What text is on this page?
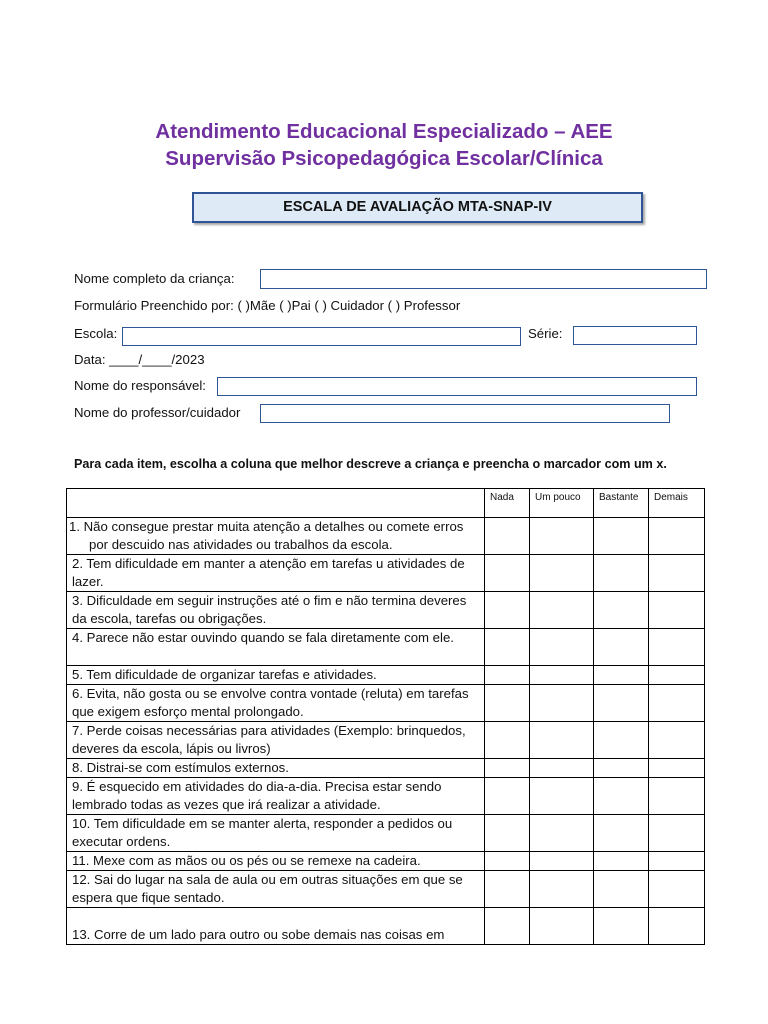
Atendimento Educacional Especializado – AEE
Supervisão Psicopedagógica Escolar/Clínica
ESCALA DE AVALIAÇÃO MTA-SNAP-IV
Nome completo da criança:
Formulário Preenchido por: ( )Mãe ( )Pai ( ) Cuidador ( ) Professor
Escola:	Série:
Data: ____/____/2023
Nome do responsável:
Nome do professor/cuidador
Para cada item, escolha a coluna que melhor descreve a criança e preencha o marcador com um x.
	Nada	Um pouco	Bastante	Demais
1. Não consegue prestar muita atenção a detalhes ou comete erros por descuido nas atividades ou trabalhos da escola.				
2. Tem dificuldade em manter a atenção em tarefas u atividades de lazer.				
3. Dificuldade em seguir instruções até o fim e não termina deveres da escola, tarefas ou obrigações.				
4. Parece não estar ouvindo quando se fala diretamente com ele.				
5. Tem dificuldade de organizar tarefas e atividades.				
6. Evita, não gosta ou se envolve contra vontade (reluta) em tarefas que exigem esforço mental prolongado.				
7. Perde coisas necessárias para atividades (Exemplo: brinquedos, deveres da escola, lápis ou livros)				
8. Distrai-se com estímulos externos.				
9. É esquecido em atividades do dia-a-dia. Precisa estar sendo lembrado todas as vezes que irá realizar a atividade.				
10. Tem dificuldade em se manter alerta, responder a pedidos ou executar ordens.				
11. Mexe com as mãos ou os pés ou se remexe na cadeira.				
12. Sai do lugar na sala de aula ou em outras situações em que se espera que fique sentado.				
13. Corre de um lado para outro ou sobe demais nas coisas em				
